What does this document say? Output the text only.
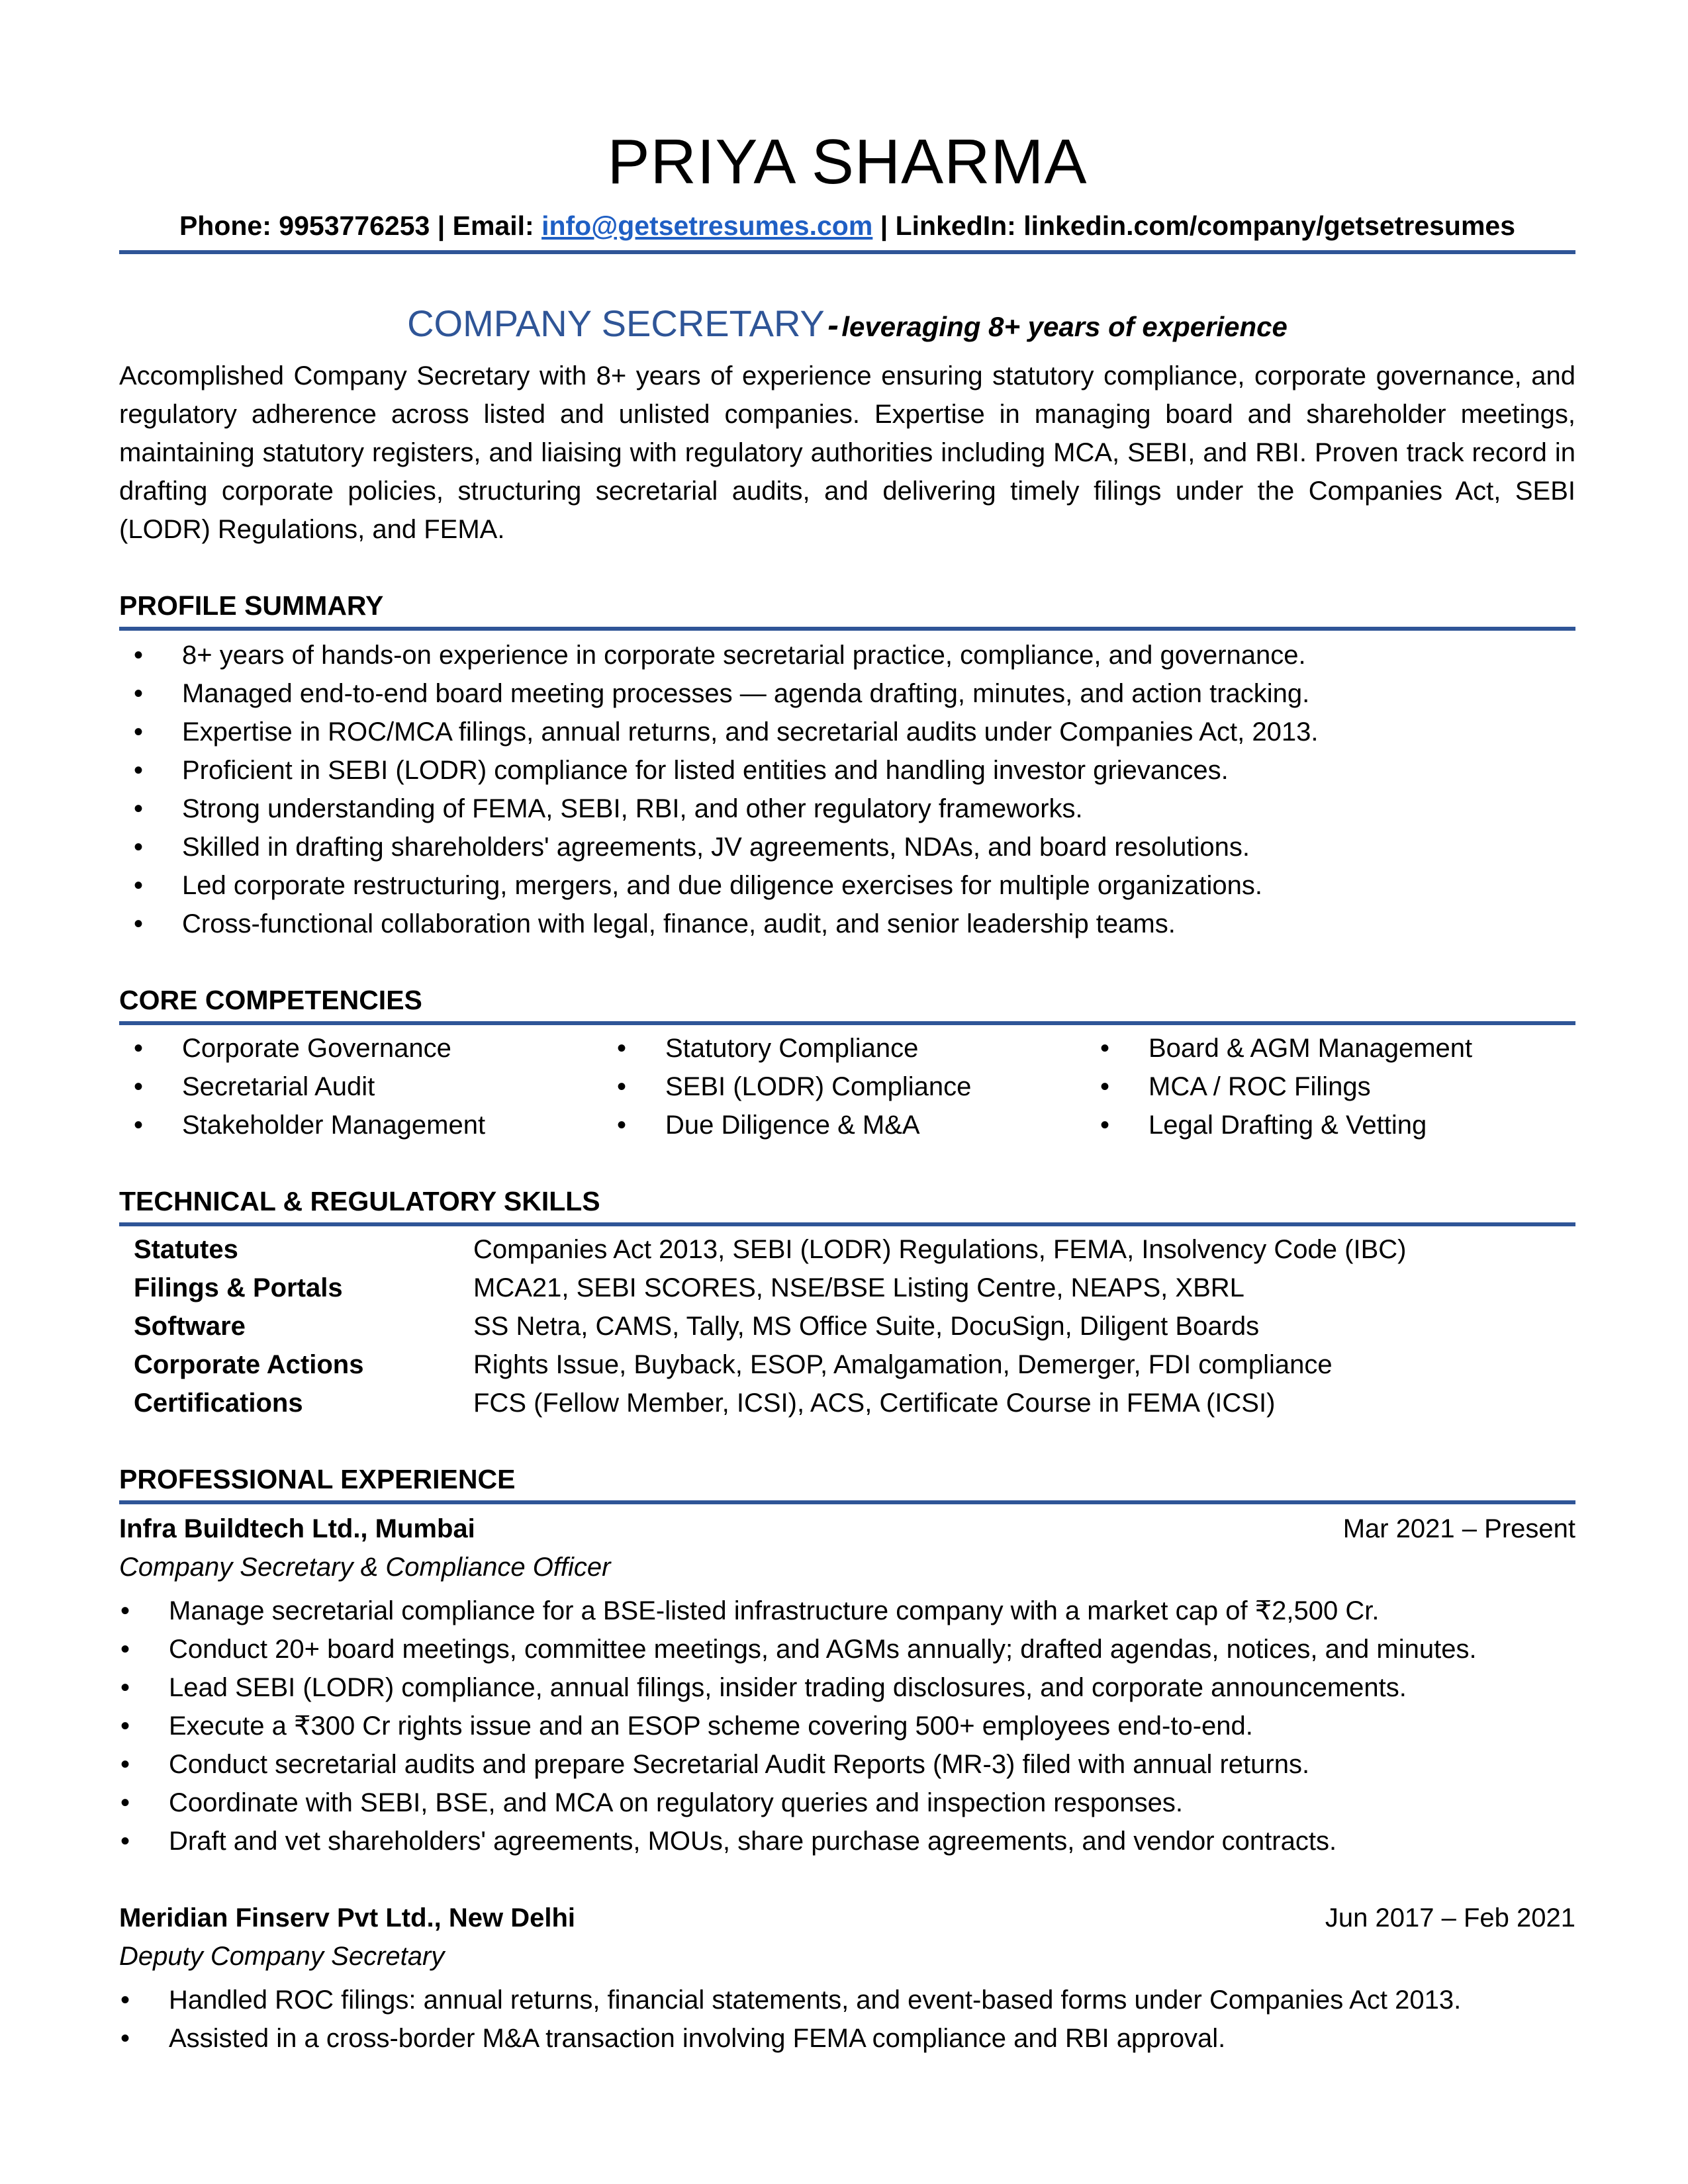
PRIYA SHARMA
Phone: 9953776253 | Email: info@getsetresumes.com | LinkedIn: linkedin.com/company/getsetresumes
COMPANY SECRETARY - leveraging 8+ years of experience

Accomplished Company Secretary with 8+ years of experience ensuring statutory compliance, corporate governance, and regulatory adherence across listed and unlisted companies. Expertise in managing board and shareholder meetings, maintaining statutory registers, and liaising with regulatory authorities including MCA, SEBI, and RBI. Proven track record in drafting corporate policies, structuring secretarial audits, and delivering timely filings under the Companies Act, SEBI (LODR) Regulations, and FEMA.

PROFILE SUMMARY
• 8+ years of hands-on experience in corporate secretarial practice, compliance, and governance.
• Managed end-to-end board meeting processes — agenda drafting, minutes, and action tracking.
• Expertise in ROC/MCA filings, annual returns, and secretarial audits under Companies Act, 2013.
• Proficient in SEBI (LODR) compliance for listed entities and handling investor grievances.
• Strong understanding of FEMA, SEBI, RBI, and other regulatory frameworks.
• Skilled in drafting shareholders' agreements, JV agreements, NDAs, and board resolutions.
• Led corporate restructuring, mergers, and due diligence exercises for multiple organizations.
• Cross-functional collaboration with legal, finance, audit, and senior leadership teams.
CORE COMPETENCIES
• Corporate Governance	• Statutory Compliance	• Board & AGM Management
• Secretarial Audit	• SEBI (LODR) Compliance	• MCA / ROC Filings
• Stakeholder Management	• Due Diligence & M&A	• Legal Drafting & Vetting
TECHNICAL & REGULATORY SKILLS
Statutes	Companies Act 2013, SEBI (LODR) Regulations, FEMA, Insolvency Code (IBC)
Filings & Portals	MCA21, SEBI SCORES, NSE/BSE Listing Centre, NEAPS, XBRL
Software	SS Netra, CAMS, Tally, MS Office Suite, DocuSign, Diligent Boards
Corporate Actions	Rights Issue, Buyback, ESOP, Amalgamation, Demerger, FDI compliance
Certifications	FCS (Fellow Member, ICSI), ACS, Certificate Course in FEMA (ICSI)
PROFESSIONAL EXPERIENCE
Infra Buildtech Ltd., Mumbai	Mar 2021 – Present
Company Secretary & Compliance Officer
• Manage secretarial compliance for a BSE-listed infrastructure company with a market cap of ₹2,500 Cr.
• Conduct 20+ board meetings, committee meetings, and AGMs annually; drafted agendas, notices, and minutes.
• Lead SEBI (LODR) compliance, annual filings, insider trading disclosures, and corporate announcements.
• Execute a ₹300 Cr rights issue and an ESOP scheme covering 500+ employees end-to-end.
• Conduct secretarial audits and prepare Secretarial Audit Reports (MR-3) filed with annual returns.
• Coordinate with SEBI, BSE, and MCA on regulatory queries and inspection responses.
• Draft and vet shareholders' agreements, MOUs, share purchase agreements, and vendor contracts.
Meridian Finserv Pvt Ltd., New Delhi	Jun 2017 – Feb 2021
Deputy Company Secretary
• Handled ROC filings: annual returns, financial statements, and event-based forms under Companies Act 2013.
• Assisted in a cross-border M&A transaction involving FEMA compliance and RBI approval.
